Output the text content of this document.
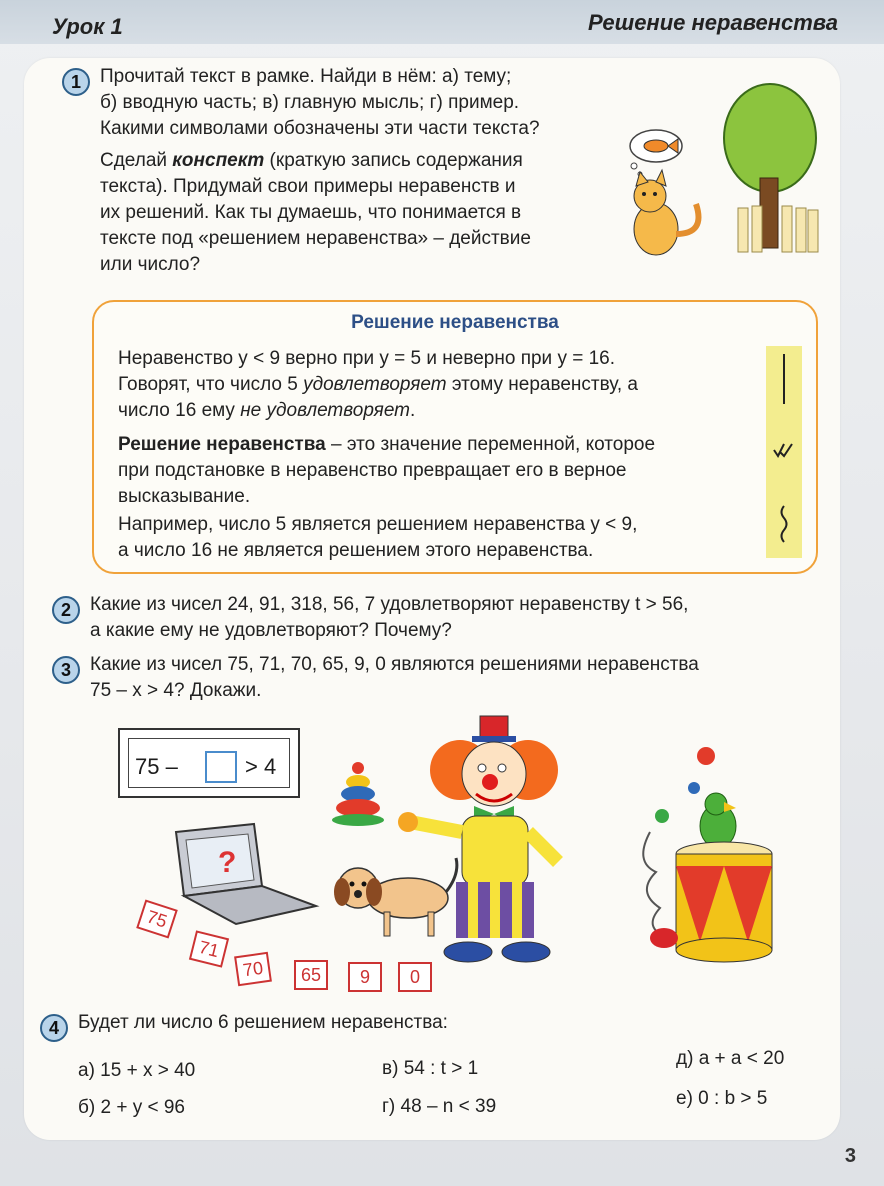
Урок 1	Решение неравенства
1	Прочитай текст в рамке. Найди в нём: а) тему;

б) вводную часть; в) главную мысль; г) пример.

Какими символами обозначены эти части текста?

Сделай конспект (краткую запись содержания

текста). Придумай свои примеры неравенств и

их решений. Как ты думаешь, что понимается в

тексте под «решением неравенства» – действие

или число?

Решение неравенства

Неравенство y < 9 верно при y = 5 и неверно при y = 16.

Говорят, что число 5 удовлетворяет этому неравенству, а

число 16 ему не удовлетворяет.

Решение неравенства – это значение переменной, которое

при подстановке в неравенство превращает его в верное

высказывание.

Например, число 5 является решением неравенства y < 9,

а число 16 не является решением этого неравенства.

2	Какие из чисел 24, 91, 318, 56, 7 удовлетворяют неравенству t > 56,

а какие ему не удовлетворяют? Почему?

3	Какие из чисел 75, 71, 70, 65, 9, 0 являются решениями неравенства

75 – x > 4? Докажи.

75 –	> 4
?
75
71
70	65	9	0
4	Будет ли число 6 решением неравенства:

а) 15 + x > 40
б) 2 + y < 96
в) 54 : t > 1
г) 48 – n < 39
д) a + a < 20
е) 0 : b > 5
3
